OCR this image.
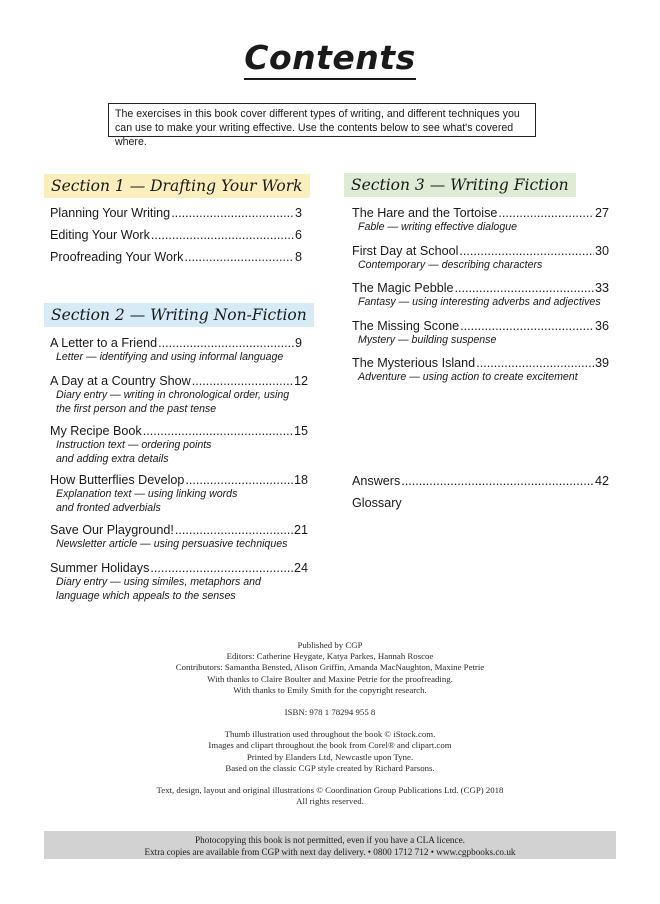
Contents
The exercises in this book cover different types of writing, and different techniques you can use to make your writing effective. Use the contents below to see what's covered where.
Section 1 — Drafting Your Work
Planning Your Writing .....	3
Editing Your Work .....	6
Proofreading Your Work .....	8
Section 2 — Writing Non-Fiction
A Letter to a Friend .....	9
Letter — identifying and using informal language
A Day at a Country Show .....	12
Diary entry — writing in chronological order, using
the first person and the past tense
My Recipe Book .....	15
Instruction text — ordering points
and adding extra details
How Butterflies Develop .....	18
Explanation text — using linking words
and fronted adverbials
Save Our Playground! .....	21
Newsletter article — using persuasive techniques
Summer Holidays .....	24
Diary entry — using similes, metaphors and
language which appeals to the senses
Section 3 — Writing Fiction
The Hare and the Tortoise .....	27
Fable — writing effective dialogue
First Day at School .....	30
Contemporary — describing characters
The Magic Pebble .....	33
Fantasy — using interesting adverbs and adjectives
The Missing Scone .....	36
Mystery — building suspense
The Mysterious Island .....	39
Adventure — using action to create excitement
Answers .....	42
Glossary
Published by CGP
Editors: Catherine Heygate, Katya Parkes, Hannah Roscoe
Contributors: Samantha Bensted, Alison Griffin, Amanda MacNaughton, Maxine Petrie
With thanks to Claire Boulter and Maxine Petrie for the proofreading.
With thanks to Emily Smith for the copyright research.
ISBN: 978 1 78294 955 8
Thumb illustration used throughout the book © iStock.com.
Images and clipart throughout the book from Corel® and clipart.com
Printed by Elanders Ltd, Newcastle upon Tyne.
Based on the classic CGP style created by Richard Parsons.
Text, design, layout and original illustrations © Coordination Group Publications Ltd. (CGP) 2018
All rights reserved.
Photocopying this book is not permitted, even if you have a CLA licence.
Extra copies are available from CGP with next day delivery. • 0800 1712 712 • www.cgpbooks.co.uk
